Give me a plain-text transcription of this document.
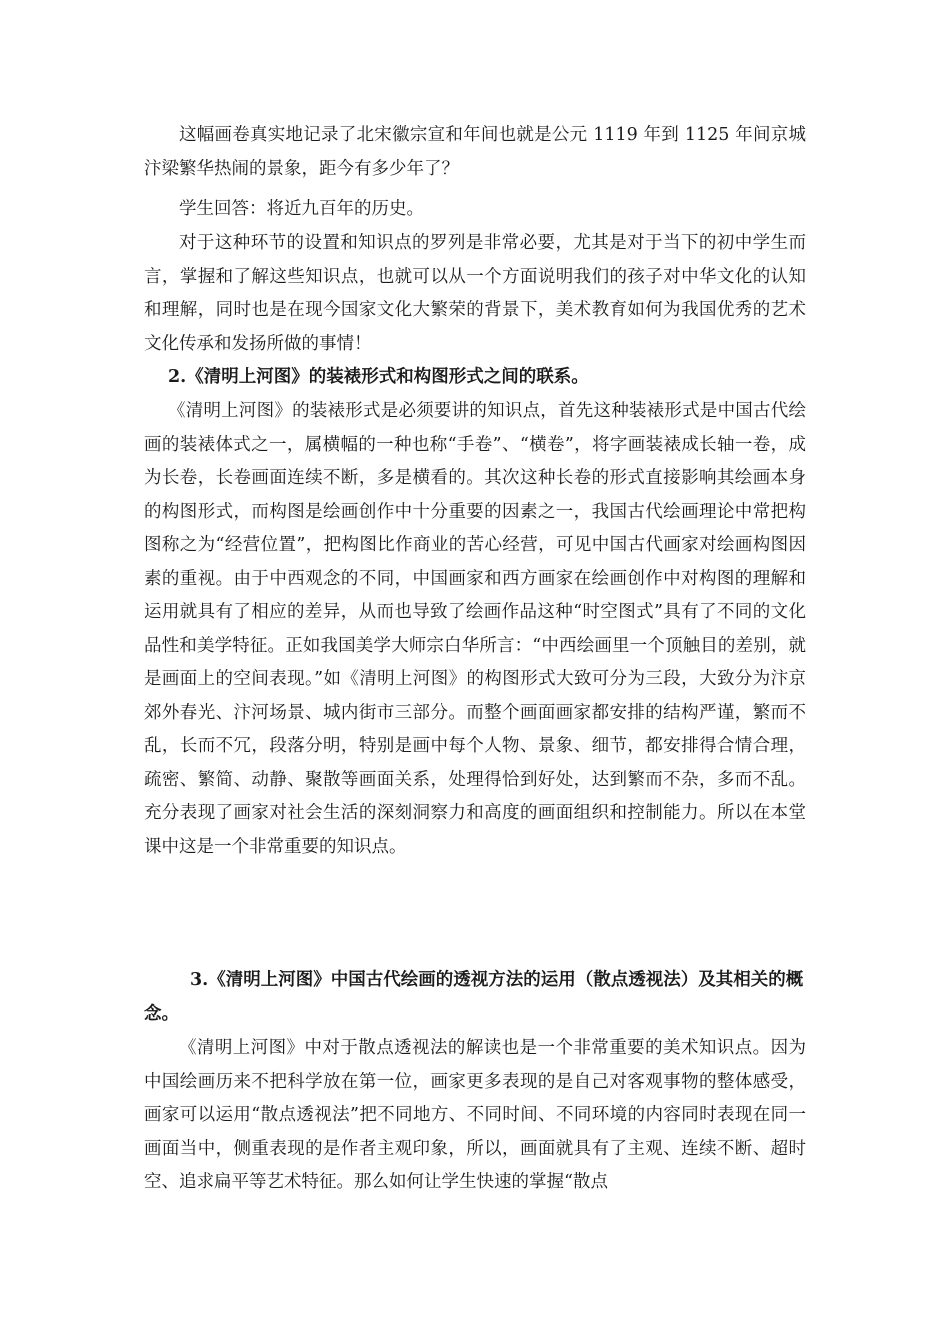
这幅画卷真实地记录了北宋徽宗宣和年间也就是公元 1119 年到 1125 年间京城汴梁繁华热闹的景象，距今有多少年了？

学生回答：将近九百年的历史。

对于这种环节的设置和知识点的罗列是非常必要，尤其是对于当下的初中学生而言，掌握和了解这些知识点，也就可以从一个方面说明我们的孩子对中华文化的认知和理解，同时也是在现今国家文化大繁荣的背景下，美术教育如何为我国优秀的艺术文化传承和发扬所做的事情！

2.《清明上河图》的装裱形式和构图形式之间的联系。

《清明上河图》的装裱形式是必须要讲的知识点，首先这种装裱形式是中国古代绘画的装裱体式之一，属横幅的一种也称“手卷”、“横卷”，将字画装裱成长轴一卷，成为长卷，长卷画面连续不断，多是横看的。其次这种长卷的形式直接影响其绘画本身的构图形式，而构图是绘画创作中十分重要的因素之一，我国古代绘画理论中常把构图称之为“经营位置”，把构图比作商业的苦心经营，可见中国古代画家对绘画构图因素的重视。由于中西观念的不同，中国画家和西方画家在绘画创作中对构图的理解和运用就具有了相应的差异，从而也导致了绘画作品这种“时空图式”具有了不同的文化品性和美学特征。正如我国美学大师宗白华所言：“中西绘画里一个顶触目的差别，就是画面上的空间表现。”如《清明上河图》的构图形式大致可分为三段，大致分为汴京郊外春光、汴河场景、城内街市三部分。而整个画面画家都安排的结构严谨，繁而不乱，长而不冗，段落分明，特别是画中每个人物、景象、细节，都安排得合情合理，疏密、繁简、动静、聚散等画面关系，处理得恰到好处，达到繁而不杂，多而不乱。充分表现了画家对社会生活的深刻洞察力和高度的画面组织和控制能力。所以在本堂课中这是一个非常重要的知识点。

3.《清明上河图》中国古代绘画的透视方法的运用（散点透视法）及其相关的概念。

《清明上河图》中对于散点透视法的解读也是一个非常重要的美术知识点。因为中国绘画历来不把科学放在第一位，画家更多表现的是自己对客观事物的整体感受，画家可以运用“散点透视法”把不同地方、不同时间、不同环境的内容同时表现在同一画面当中，侧重表现的是作者主观印象，所以，画面就具有了主观、连续不断、超时空、追求扁平等艺术特征。那么如何让学生快速的掌握“散点
